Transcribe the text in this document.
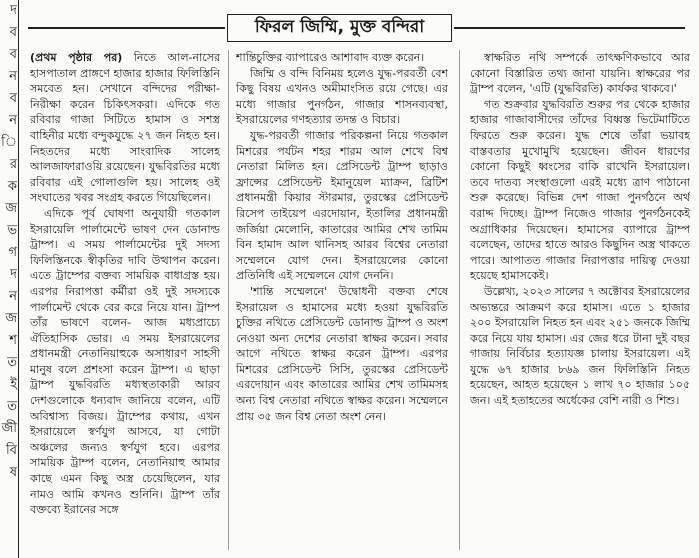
দ

ব

ব

ন

ব

ন

ি

র

ক

জ

ভ

গ

দ

ন

জ

শ

ত

ই

ত

জী

বি

ষ

ফিরল জিম্মি, মুক্ত বন্দিরা

(প্রথম পৃষ্ঠার পর) নিতে আল-নাসের হাসপাতাল প্রাঙ্গণে হাজার হাজার ফিলিস্তিনি সমবেত হন। সেখানে বন্দিদের পরীক্ষা-নিরীক্ষা করেন চিকিৎসকরা। এদিকে গত রবিবার গাজা সিটিতে হামাস ও সশস্ত্র বাহিনীর মধ্যে বন্দুকযুদ্ধে ২৭ জন নিহত হন। নিহতদের মধ্যে সাংবাদিক সালেহ আলজাফারাওয়ি রয়েছেন। যুদ্ধবিরতির মধ্যে রবিবার এই গোলাগুলি হয়। সালেহ ওই সংঘাতের খবর সংগ্রহ করতে গিয়েছিলেন।

এদিকে পূর্ব ঘোষণা অনুযায়ী গতকাল ইসরায়েলি পার্লামেন্টে ভাষণ দেন ডোনাল্ড ট্রাম্প। এ সময় পার্লামেন্টের দুই সদস্য ফিলিস্তিনকে স্বীকৃতির দাবি উত্থাপন করেন। এতে ট্রাম্পের বক্তব্য সাময়িক বাধাগ্রস্ত হয়। এরপর নিরাপত্তা কর্মীরা ওই দুই সদস্যকে পার্লামেন্ট থেকে বের করে নিয়ে যান। ট্রাম্প তাঁর ভাষণে বলেন- আজ মধ্যপ্রাচ্যে ঐতিহাসিক ভোর। এ সময় ইসরায়েলের প্রধানমন্ত্রী নেতানিয়াহুকে অসাধারণ সাহসী মানুষ বলে প্রশংসা করেন ট্রাম্প। এ ছাড়া ট্রাম্প যুদ্ধবিরতি মধ্যস্থতাকারী আরব দেশগুলোকে ধন্যবাদ জানিয়ে বলেন, এটি অবিশ্বাস্য বিজয়। ট্রাম্পের কথায়, এখন ইসরায়েলে স্বর্ণযুগ আসবে, যা গোটা অঞ্চলের জন্যও স্বর্ণযুগ হবে। এরপর সাময়িক ট্রাম্প বলেন, নেতানিয়াহু আমার কাছে এমন কিছু অস্ত্র চেয়েছিলেন, যার নামও আমি কখনও শুনিনি। ট্রাম্প তাঁর বক্তব্যে ইরানের সঙ্গে

শান্তিচুক্তির ব্যাপারেও আশাবাদ ব্যক্ত করেন।

জিম্মি ও বন্দি বিনিময় হলেও যুদ্ধ-পরবর্তী বেশ কিছু বিষয় এখনও অমীমাংসিত রয়ে গেছে। এর মধ্যে গাজার পুনর্গঠন, গাজার শাসনব্যবস্থা, ইসরায়েলের গণহত্যার তদন্ত ও বিচার।

যুদ্ধ-পরবর্তী গাজার পরিকল্পনা নিয়ে গতকাল মিশরের পর্যটন শহর শারম আল শেখে বিশ্ব নেতারা মিলিত হন। প্রেসিডেন্ট ট্রাম্প ছাড়াও ফ্রান্সের প্রেসিডেন্ট ইমানুয়েল ম্যাক্রন, ব্রিটিশ প্রধানমন্ত্রী কিয়ার স্টারমার, তুরস্কের প্রেসিডেন্ট রিসেপ তাইয়েপ এরদোয়ান, ইতালির প্রধানমন্ত্রী জর্জিয়া মেলোনি, কাতারের আমির শেখ তামিম বিন হামাদ আল থানিসহ আরব বিশ্বের নেতারা সম্মেলনে যোগ দেন। ইসরায়েলের কোনো প্রতিনিধি এই সম্মেলনে যোগ দেননি।

'শান্তি সম্মেলনে' উদ্বোধনী বক্তব্য শেষে ইসরায়েল ও হামাসের মধ্যে হওয়া যুদ্ধবিরতি চুক্তির নথিতে প্রেসিডেন্ট ডোনাল্ড ট্রাম্প ও অংশ নেওয়া অন্য দেশের নেতারা স্বাক্ষর করেন। সবার আগে নথিতে স্বাক্ষর করেন ট্রাম্প। এরপর মিশরের প্রেসিডেন্ট সিসি, তুরস্কের প্রেসিডেন্ট এরদোয়ান এবং কাতারের আমির শেখ তামিমসহ অন্য বিশ্ব নেতারা নথিতে স্বাক্ষর করেন। সম্মেলনে প্রায় ৩৫ জন বিশ্ব নেতা অংশ নেন।

স্বাক্ষরিত নথি সম্পর্কে তাৎক্ষণিকভাবে আর কোনো বিস্তারিত তথ্য জানা যায়নি। স্বাক্ষরের পর ট্রাম্প বলেন, 'এটি (যুদ্ধবিরতি) কার্যকর থাকবে।'

গত শুক্রবার যুদ্ধবিরতি শুরুর পর থেকে হাজার হাজার গাজাবাসীদের তাঁদের বিধ্বস্ত ভিটেমাটিতে ফিরতে শুরু করেন। যুদ্ধ শেষে তাঁরা ভয়াবহ বাস্তবতার মুখোমুখি হয়েছেন। জীবন ধারণের কোনো কিছুই ধ্বংসের বাকি রাখেনি ইসরায়েল। তবে দাতব্য সংস্থাগুলো এরই মধ্যে ত্রাণ পাঠানো শুরু করেছে। বিভিন্ন দেশ গাজা পুনর্গঠনে অর্থ বরাদ্দ দিচ্ছে। ট্রাম্প নিজেও গাজার পুনর্গঠনকেই অগ্রাধিকার দিয়েছেন। হামাসের ব্যাপারে ট্রাম্প বলেছেন, তাদের হাতে আরও কিছুদিন অস্ত্র থাকতে পারে। আপাতত গাজার নিরাপত্তার দায়িত্ব দেওয়া হয়েছে হামাসকেই।

উল্লেখ্য, ২০২৩ সালের ৭ অক্টোবর ইসরায়েলের অভ্যন্তরে আক্রমণ করে হামাস। এতে ১ হাজার ২০০ ইসরায়েলি নিহত হন এবং ২৫১ জনকে জিম্মি করে নিয়ে যায় হামাস। এর জের ধরে টানা দুই বছর গাজায় নির্বিচার হত্যাযজ্ঞ চালায় ইসরায়েল। এই যুদ্ধে ৬৭ হাজার ৮৬৯ জন ফিলিস্তিনি নিহত হয়েছেন, আহত হয়েছেন ১ লাখ ৭০ হাজার ১০৫ জন। এই হতাহতের অর্ধেকের বেশি নারী ও শিশু।
